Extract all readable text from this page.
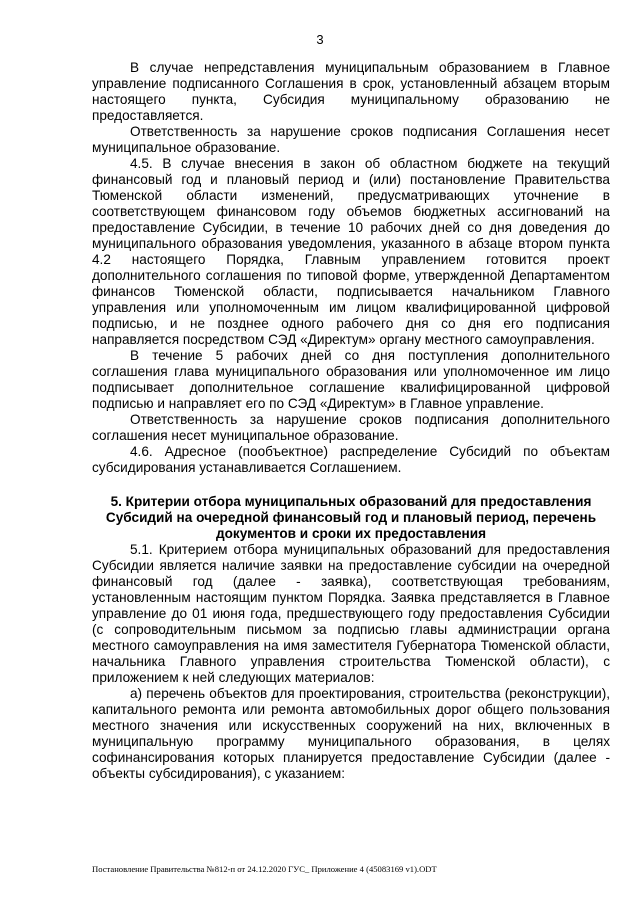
3

В случае непредставления муниципальным образованием в Главное управление подписанного Соглашения в срок, установленный абзацем вторым настоящего пункта, Субсидия муниципальному образованию не предоставляется.

Ответственность за нарушение сроков подписания Соглашения несет муниципальное образование.

4.5. В случае внесения в закон об областном бюджете на текущий финансовый год и плановый период и (или) постановление Правительства Тюменской области изменений, предусматривающих уточнение в соответствующем финансовом году объемов бюджетных ассигнований на предоставление Субсидии, в течение 10 рабочих дней со дня доведения до муниципального образования уведомления, указанного в абзаце втором пункта 4.2 настоящего Порядка, Главным управлением готовится проект дополнительного соглашения по типовой форме, утвержденной Департаментом финансов Тюменской области, подписывается начальником Главного управления или уполномоченным им лицом квалифицированной цифровой подписью, и не позднее одного рабочего дня со дня его подписания направляется посредством СЭД «Директум» органу местного самоуправления.

В течение 5 рабочих дней со дня поступления дополнительного соглашения глава муниципального образования или уполномоченное им лицо подписывает дополнительное соглашение квалифицированной цифровой подписью и направляет его по СЭД «Директум» в Главное управление.

Ответственность за нарушение сроков подписания дополнительного соглашения несет муниципальное образование.

4.6. Адресное (пообъектное) распределение Субсидий по объектам субсидирования устанавливается Соглашением.

5. Критерии отбора муниципальных образований для предоставления Субсидий на очередной финансовый год и плановый период, перечень документов и сроки их предоставления

5.1. Критерием отбора муниципальных образований для предоставления Субсидии является наличие заявки на предоставление субсидии на очередной финансовый год (далее - заявка), соответствующая требованиям, установленным настоящим пунктом Порядка. Заявка представляется в Главное управление до 01 июня года, предшествующего году предоставления Субсидии (с сопроводительным письмом за подписью главы администрации органа местного самоуправления на имя заместителя Губернатора Тюменской области, начальника Главного управления строительства Тюменской области), с приложением к ней следующих материалов:

а) перечень объектов для проектирования, строительства (реконструкции), капитального ремонта или ремонта автомобильных дорог общего пользования местного значения или искусственных сооружений на них, включенных в муниципальную программу муниципального образования, в целях софинансирования которых планируется предоставление Субсидии (далее - объекты субсидирования), с указанием:

Постановление Правительства №812-п от 24.12.2020 ГУС_ Приложение 4 (45083169 v1).ODT
